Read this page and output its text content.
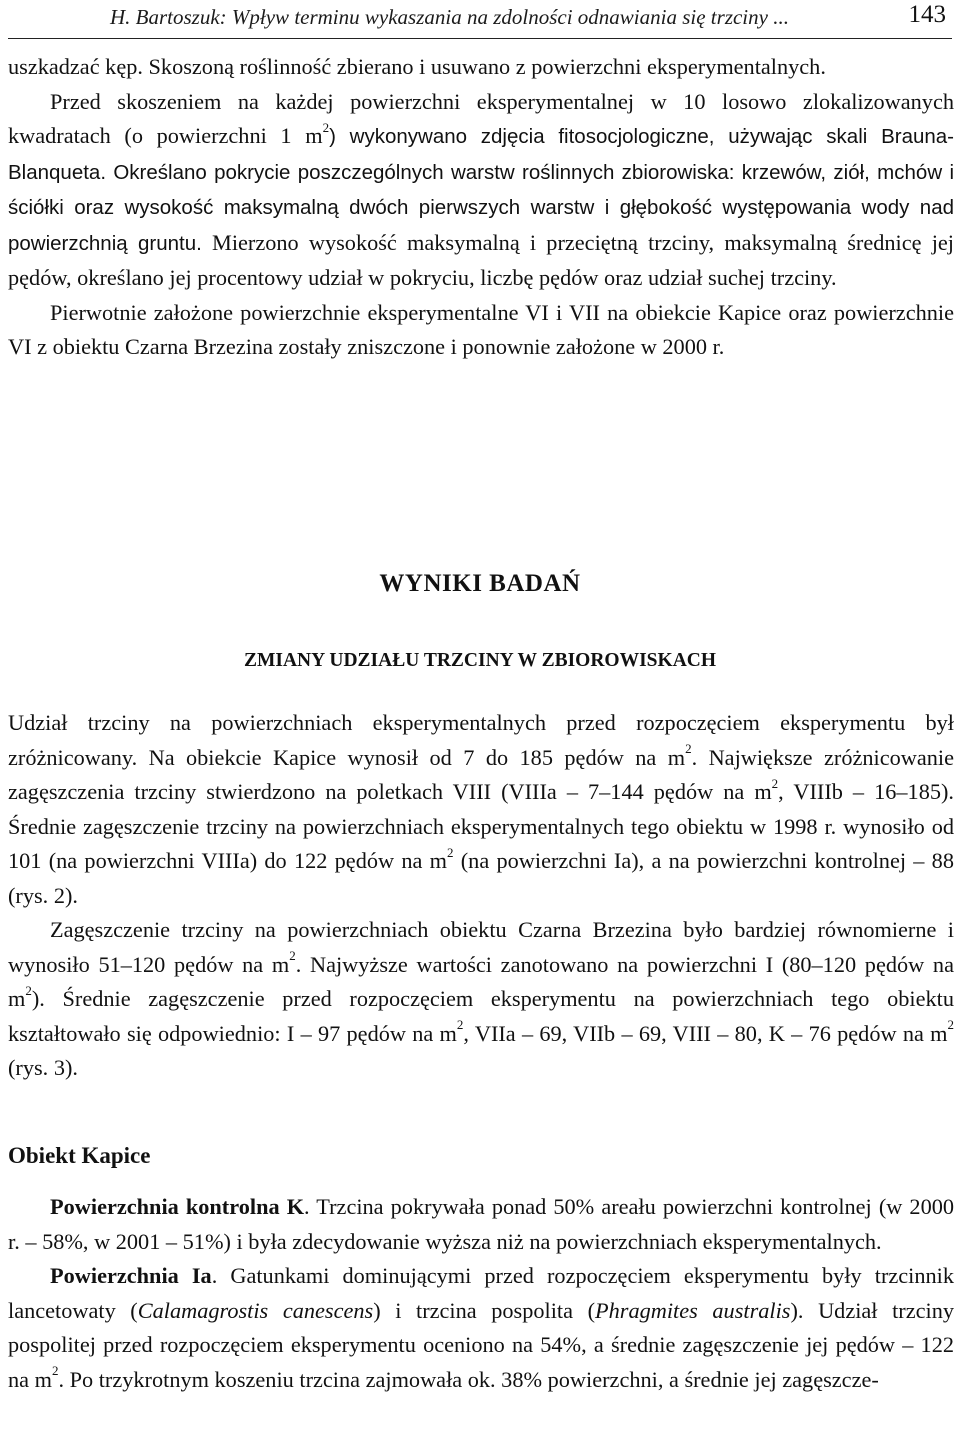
H. Bartoszuk: Wpływ terminu wykaszania na zdolności odnawiania się trzciny ...	143

uszkadzać kęp. Skoszoną roślinność zbierano i usuwano z powierzchni eksperymentalnych.

Przed skoszeniem na każdej powierzchni eksperymentalnej w 10 losowo zlokalizowanych kwadratach (o powierzchni 1 $m^2$) wykonywano zdjęcia fitosocjologiczne, używając skali Brauna-Blanqueta. Określano pokrycie poszczególnych warstw roślinnych zbiorowiska: krzewów, ziół, mchów i ściółki oraz wysokość maksymalną dwóch pierwszych warstw i głębokość występowania wody nad powierzchnią gruntu. Mierzono wysokość maksymalną i przeciętną trzciny, maksymalną średnicę jej pędów, określano jej procentowy udział w pokryciu, liczbę pędów oraz udział suchej trzciny.

Pierwotnie założone powierzchnie eksperymentalne VI i VII na obiekcie Kapice oraz powierzchnie VI z obiektu Czarna Brzezina zostały zniszczone i ponownie założone w 2000 r.

WYNIKI BADAŃ
ZMIANY UDZIAŁU TRZCINY W ZBIOROWISKACH

Udział trzciny na powierzchniach eksperymentalnych przed rozpoczęciem eksperymentu był zróżnicowany. Na obiekcie Kapice wynosił od 7 do 185 pędów na $m^2$. Największe zróżnicowanie zagęszczenia trzciny stwierdzono na poletkach VIII (VIIIa – 7–144 pędów na $m^2$, VIIIb – 16–185). Średnie zagęszczenie trzciny na powierzchniach eksperymentalnych tego obiektu w 1998 r. wynosiło od 101 (na powierzchni VIIIa) do 122 pędów na $m^2$ (na powierzchni Ia), a na powierzchni kontrolnej – 88 (rys. 2).

Zagęszczenie trzciny na powierzchniach obiektu Czarna Brzezina było bardziej równomierne i wynosiło 51–120 pędów na $m^2$. Najwyższe wartości zanotowano na powierzchni I (80–120 pędów na $m^2$). Średnie zagęszczenie przed rozpoczęciem eksperymentu na powierzchniach tego obiektu kształtowało się odpowiednio: I – 97 pędów na $m^2$, VIIa – 69, VIIb – 69, VIII – 80, K – 76 pędów na $m^2$ (rys. 3).

Obiekt Kapice

Powierzchnia kontrolna K. Trzcina pokrywała ponad 50% areału powierzchni kontrolnej (w 2000 r. – 58%, w 2001 – 51%) i była zdecydowanie wyższa niż na powierzchniach eksperymentalnych.

Powierzchnia Ia. Gatunkami dominującymi przed rozpoczęciem eksperymentu były trzcinnik lancetowaty (Calamagrostis canescens) i trzcina pospolita (Phragmites australis). Udział trzciny pospolitej przed rozpoczęciem eksperymentu oceniono na 54%, a średnie zagęszczenie jej pędów – 122 na $m^2$. Po trzykrotnym koszeniu trzcina zajmowała ok. 38% powierzchni, a średnie jej zagęszcze-
